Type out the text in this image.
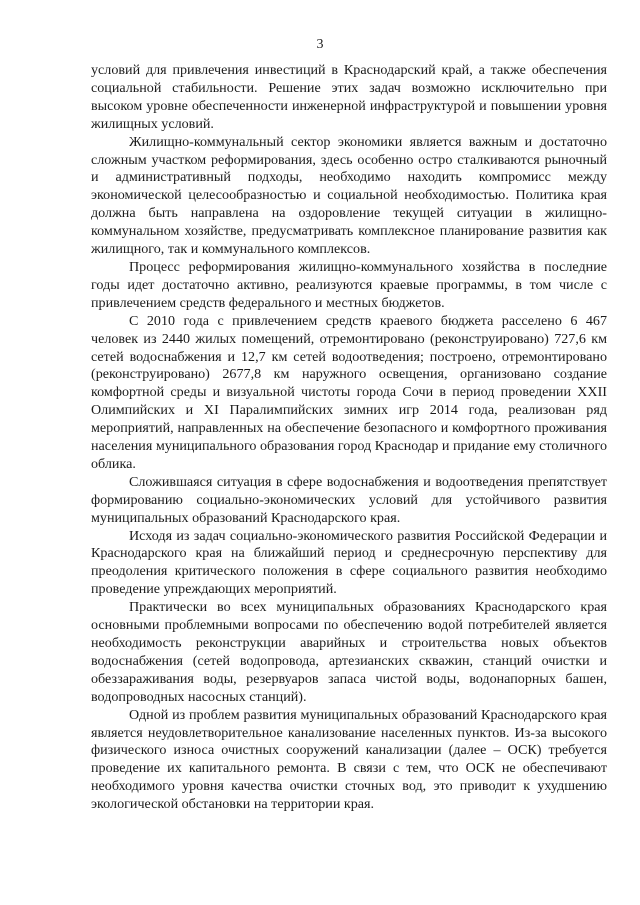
3

условий для привлечения инвестиций в Краснодарский край, а также обеспечения социальной стабильности. Решение этих задач возможно исключительно при высоком уровне обеспеченности инженерной инфраструктурой и повышении уровня жилищных условий.

Жилищно-коммунальный сектор экономики является важным и достаточно сложным участком реформирования, здесь особенно остро сталкиваются рыночный и административный подходы, необходимо находить компромисс между экономической целесообразностью и социальной необходимостью. Политика края должна быть направлена на оздоровление текущей ситуации в жилищно-коммунальном хозяйстве, предусматривать комплексное планирование развития как жилищного, так и коммунального комплексов.

Процесс реформирования жилищно-коммунального хозяйства в последние годы идет достаточно активно, реализуются краевые программы, в том числе с привлечением средств федерального и местных бюджетов.

С 2010 года с привлечением средств краевого бюджета расселено 6 467 человек из 2440 жилых помещений, отремонтировано (реконструировано) 727,6 км сетей водоснабжения и 12,7 км сетей водоотведения; построено, отремонтировано (реконструировано) 2677,8 км наружного освещения, организовано создание комфортной среды и визуальной чистоты города Сочи в период проведении XXII Олимпийских и XI Паралимпийских зимних игр 2014 года, реализован ряд мероприятий, направленных на обеспечение безопасного и комфортного проживания населения муниципального образования город Краснодар и придание ему столичного облика.

Сложившаяся ситуация в сфере водоснабжения и водоотведения препятствует формированию социально-экономических условий для устойчивого развития муниципальных образований Краснодарского края.

Исходя из задач социально-экономического развития Российской Федерации и Краснодарского края на ближайший период и среднесрочную перспективу для преодоления критического положения в сфере социального развития необходимо проведение упреждающих мероприятий.

Практически во всех муниципальных образованиях Краснодарского края основными проблемными вопросами по обеспечению водой потребителей является необходимость реконструкции аварийных и строительства новых объектов водоснабжения (сетей водопровода, артезианских скважин, станций очистки и обеззараживания воды, резервуаров запаса чистой воды, водонапорных башен, водопроводных насосных станций).

Одной из проблем развития муниципальных образований Краснодарского края является неудовлетворительное канализование населенных пунктов. Из-за высокого физического износа очистных сооружений канализации (далее – ОСК) требуется проведение их капитального ремонта. В связи с тем, что ОСК не обеспечивают необходимого уровня качества очистки сточных вод, это приводит к ухудшению экологической обстановки на территории края.
